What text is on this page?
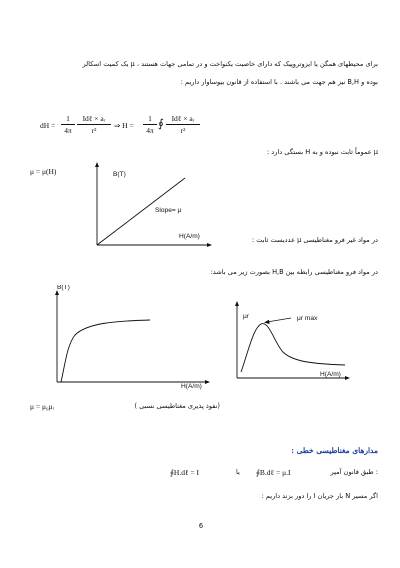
برای محیطهای همگن یا ایزوتروپیک که دارای خاصیت یکنواخت و در تمامی جهات هستند ، μ یک کمیت اسکالر
بوده و B,H نیز هم جهت می باشند . با استفاده از قانون بیوساوار داریم :
dH =
1
4π
Idℓ × aᵣ
r²
⇒ H =
1
4π
∮	Idℓ × aᵣ
r²
μ عموماً ثابت نبوده و به H بستگی دارد :
μ = μ(H)	B(T)
Slope= μ
H(A/m)	در مواد غیر فرو مغناطیسی μ عددیست ثابت :
در مواد فرو مغناطیسی رابطه بین H,B بصورت زیر می باشد:
B(T)
H(A/m)
μr	μr max
H(A/m)
μ = μ₀μᵣ	(نفوذ پذیری مغناطیسی نسبی )
مدارهای مغناطیسی خطی :
∮H.dℓ = I	یا ∮B.dℓ = μ.I	: طبق قانون آمپر
اگر مسیر N بار جریان I را دور بزند داریم :
6
